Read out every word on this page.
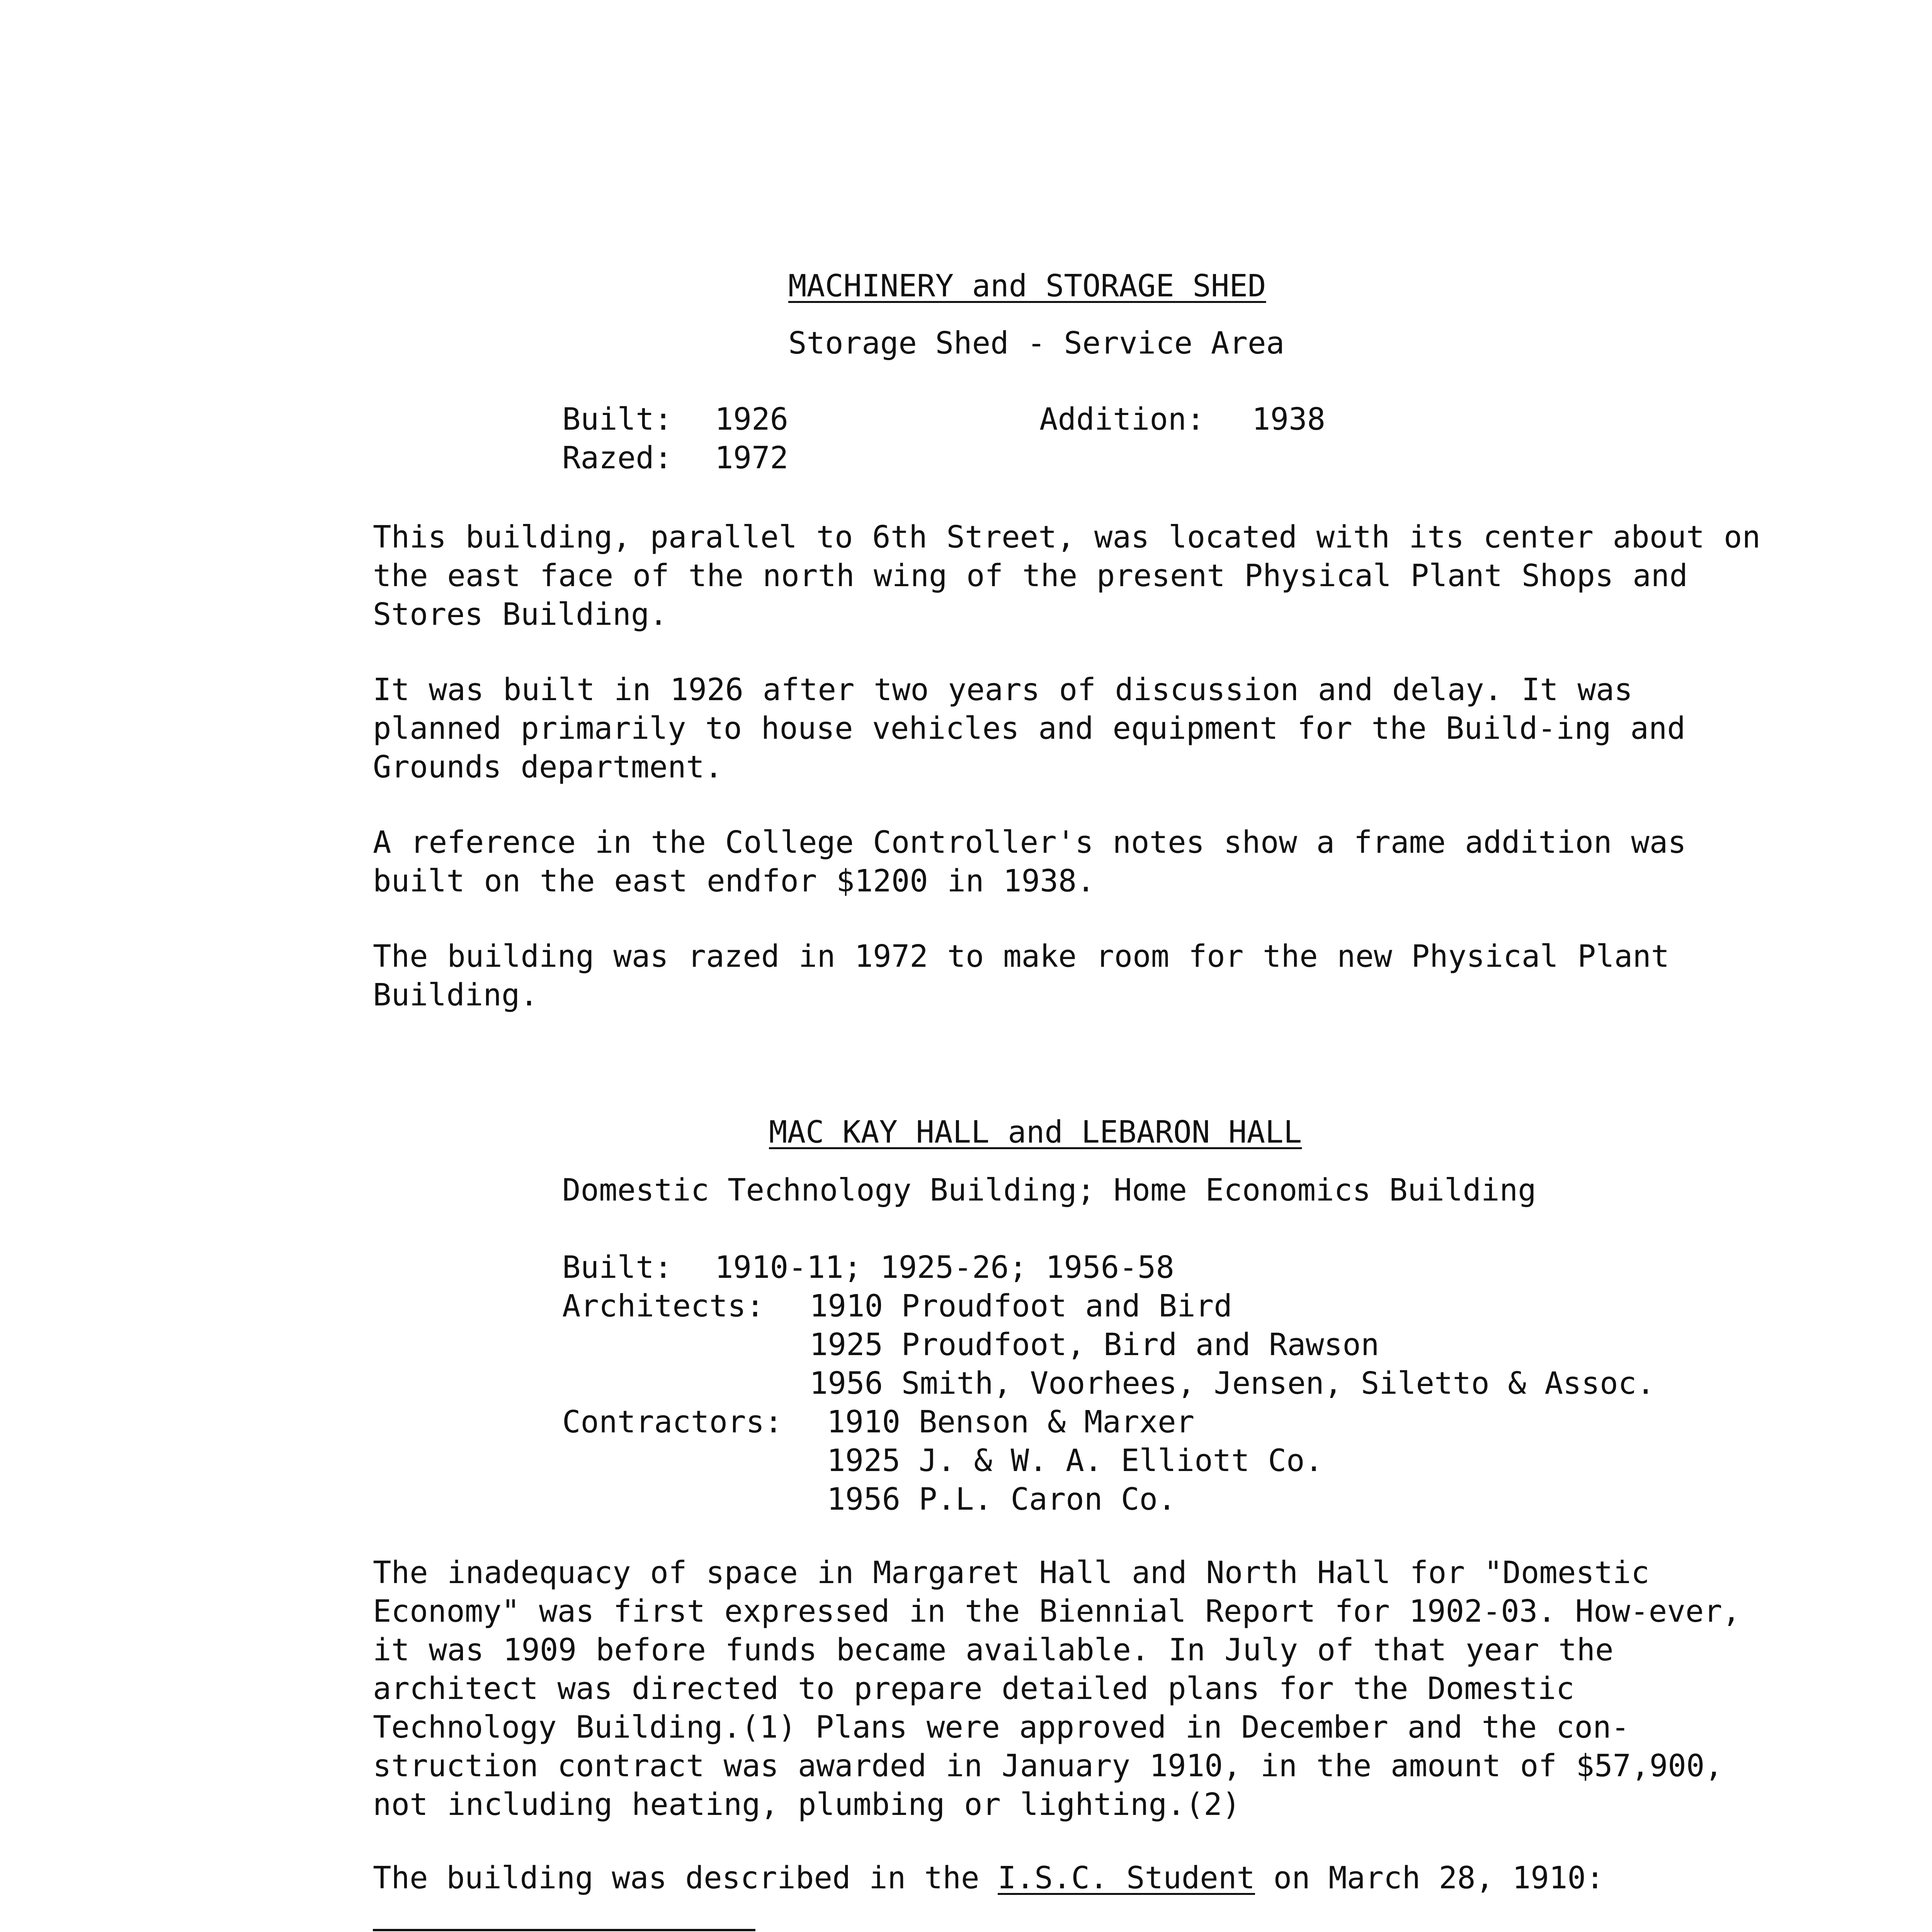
MACHINERY and STORAGE SHED
Storage Shed - Service Area
Built: 1926	Addition: 1938
Razed: 1972
This building, parallel to 6th Street, was located with its center about on the east face of the north wing of the present Physical Plant Shops and Stores Building.
It was built in 1926 after two years of discussion and delay. It was planned primarily to house vehicles and equipment for the Build-ing and Grounds department.
A reference in the College Controller's notes show a frame addition was built on the east endfor $1200 in 1938.
The building was razed in 1972 to make room for the new Physical Plant Building.
MAC KAY HALL and LEBARON HALL
Domestic Technology Building; Home Economics Building
Built: 1910-11; 1925-26; 1956-58
Architects: 1910 Proudfoot and Bird
1925 Proudfoot, Bird and Rawson
1956 Smith, Voorhees, Jensen, Siletto & Assoc.
Contractors: 1910 Benson & Marxer
1925 J. & W. A. Elliott Co.
1956 P.L. Caron Co.
The inadequacy of space in Margaret Hall and North Hall for "Domestic Economy" was first expressed in the Biennial Report for 1902-03. How-ever, it was 1909 before funds became available. In July of that year the architect was directed to prepare detailed plans for the Domestic Technology Building.(1) Plans were approved in December and the con-struction contract was awarded in January 1910, in the amount of $57,900, not including heating, plumbing or lighting.(2)
The building was described in the I.S.C. Student on March 28, 1910:
